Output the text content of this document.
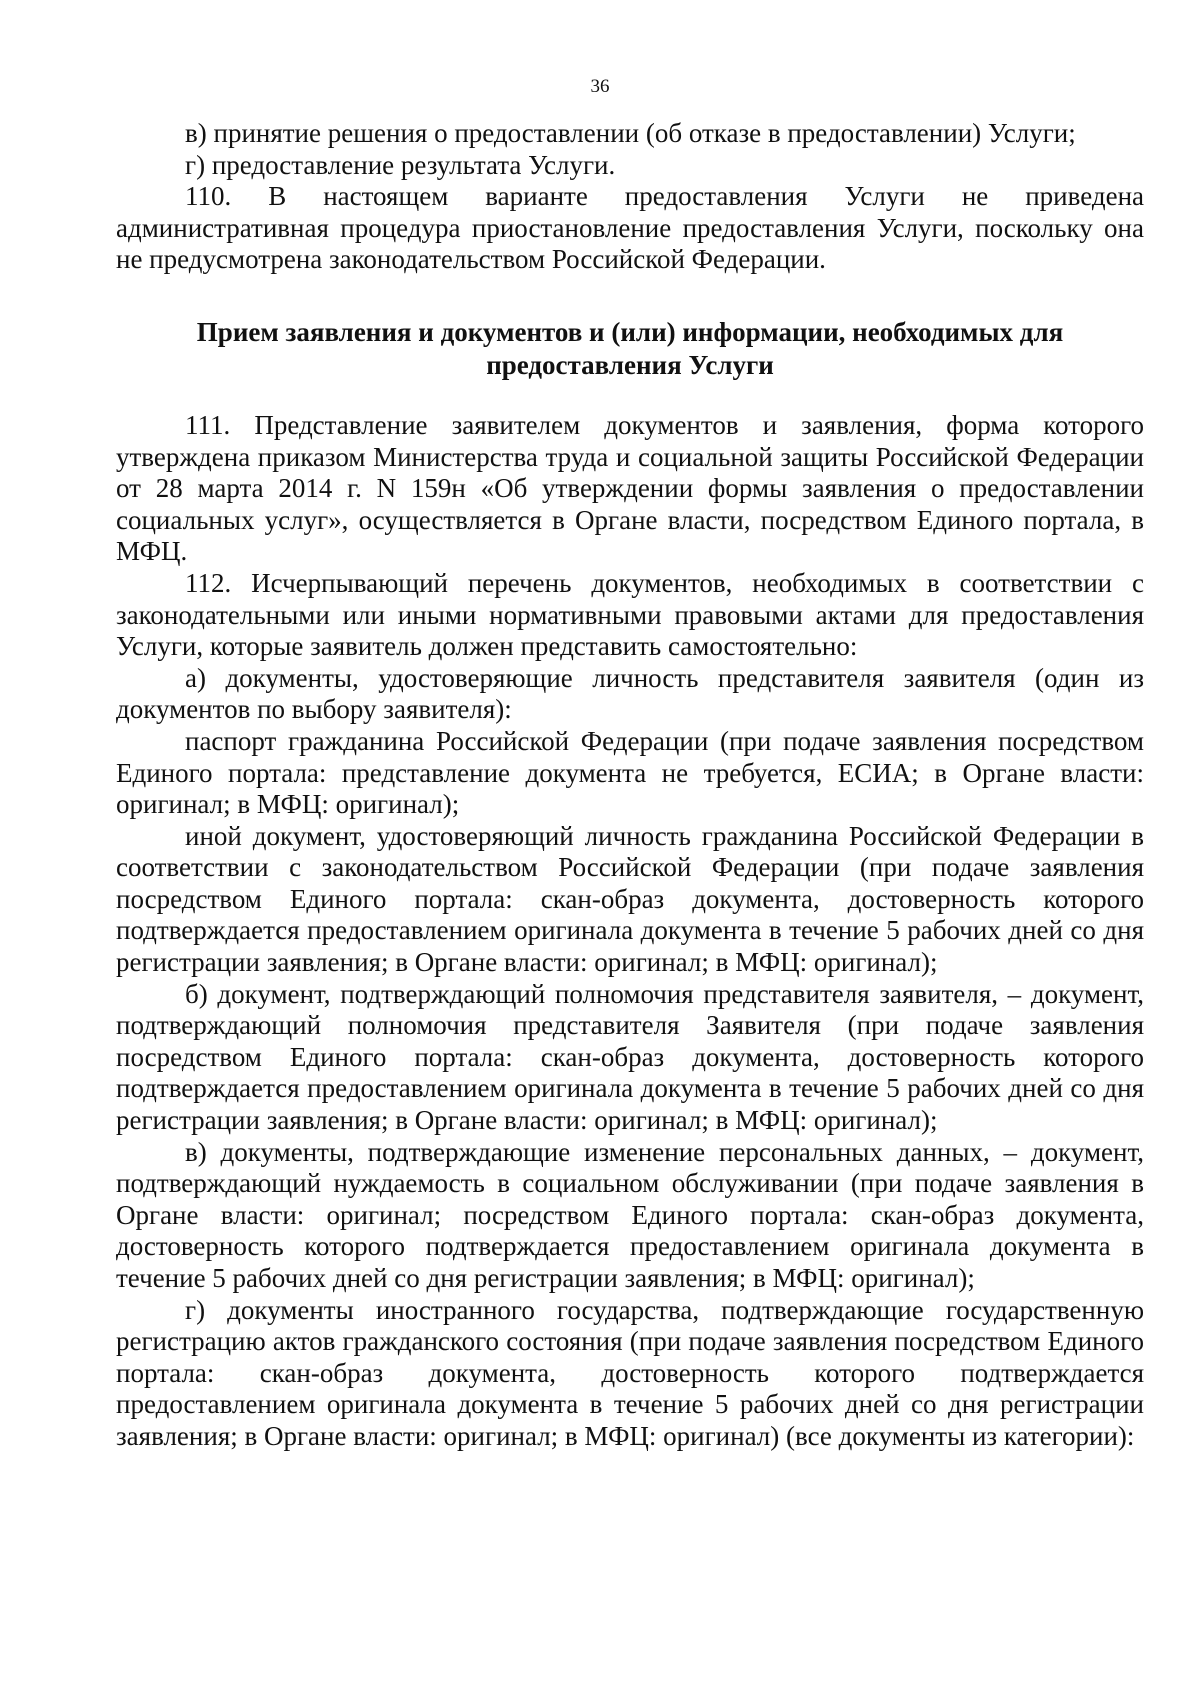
36

в) принятие решения о предоставлении (об отказе в предоставлении) Услуги;

г) предоставление результата Услуги.

110. В настоящем варианте предоставления Услуги не приведена административная процедура приостановление предоставления Услуги, поскольку она не предусмотрена законодательством Российской Федерации.

Прием заявления и документов и (или) информации, необходимых для предоставления Услуги

111. Представление заявителем документов и заявления, форма которого утверждена приказом Министерства труда и социальной защиты Российской Федерации от 28 марта 2014 г. N 159н «Об утверждении формы заявления о предоставлении социальных услуг», осуществляется в Органе власти, посредством Единого портала, в МФЦ.

112. Исчерпывающий перечень документов, необходимых в соответствии с законодательными или иными нормативными правовыми актами для предоставления Услуги, которые заявитель должен представить самостоятельно:

а) документы, удостоверяющие личность представителя заявителя (один из документов по выбору заявителя):

паспорт гражданина Российской Федерации (при подаче заявления посредством Единого портала: представление документа не требуется, ЕСИА; в Органе власти: оригинал; в МФЦ: оригинал);

иной документ, удостоверяющий личность гражданина Российской Федерации в соответствии с законодательством Российской Федерации (при подаче заявления посредством Единого портала: скан-образ документа, достоверность которого подтверждается предоставлением оригинала документа в течение 5 рабочих дней со дня регистрации заявления; в Органе власти: оригинал; в МФЦ: оригинал);

б) документ, подтверждающий полномочия представителя заявителя, – документ, подтверждающий полномочия представителя Заявителя (при подаче заявления посредством Единого портала: скан-образ документа, достоверность которого подтверждается предоставлением оригинала документа в течение 5 рабочих дней со дня регистрации заявления; в Органе власти: оригинал; в МФЦ: оригинал);

в) документы, подтверждающие изменение персональных данных, – документ, подтверждающий нуждаемость в социальном обслуживании (при подаче заявления в Органе власти: оригинал; посредством Единого портала: скан-образ документа, достоверность которого подтверждается предоставлением оригинала документа в течение 5 рабочих дней со дня регистрации заявления; в МФЦ: оригинал);

г) документы иностранного государства, подтверждающие государственную регистрацию актов гражданского состояния (при подаче заявления посредством Единого портала: скан-образ документа, достоверность которого подтверждается предоставлением оригинала документа в течение 5 рабочих дней со дня регистрации заявления; в Органе власти: оригинал; в МФЦ: оригинал) (все документы из категории):
